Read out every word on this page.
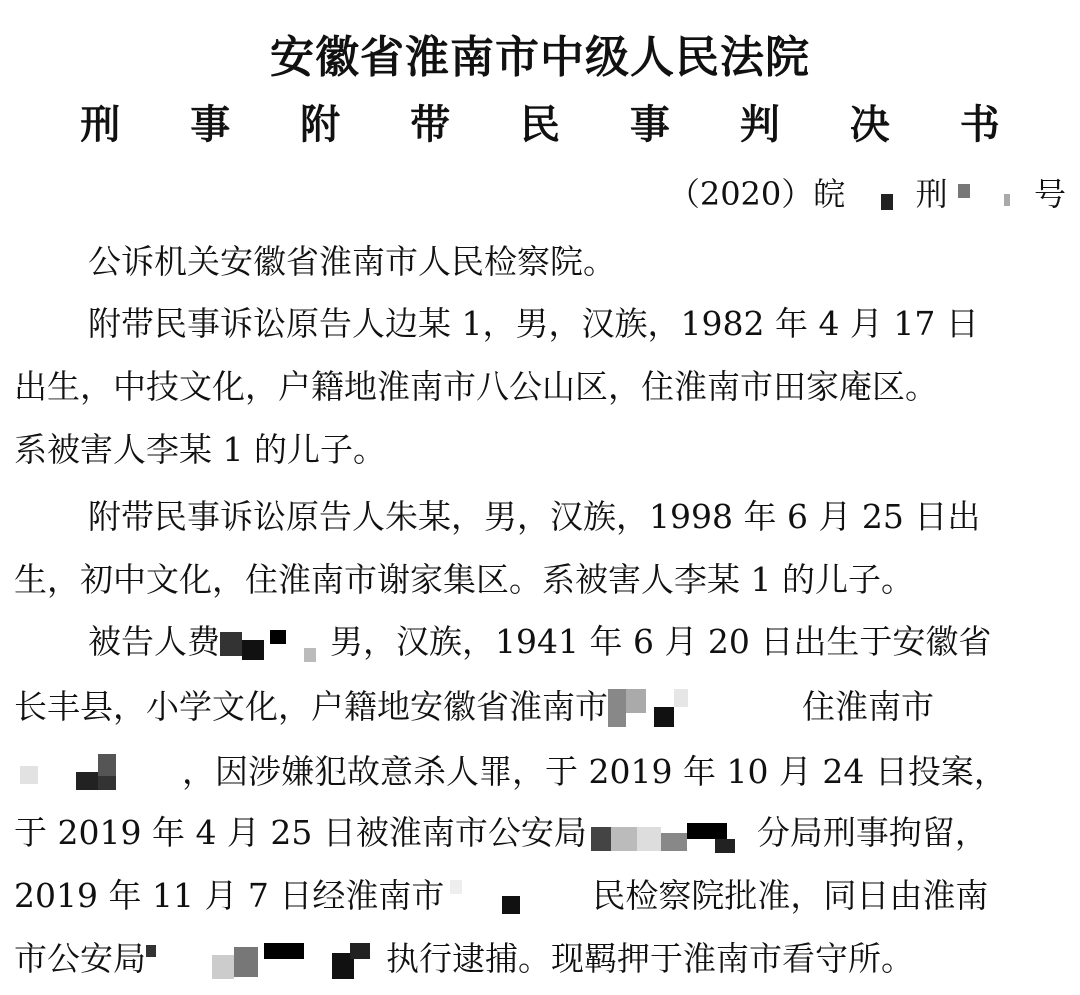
安徽省淮南市中级人民法院
刑 事 附 带 民 事 判 决 书
（2020）皖 刑	号
公诉机关安徽省淮南市人民检察院。
附带民事诉讼原告人边某 1，男，汉族，1982 年 4 月 17 日
出生，中技文化，户籍地淮南市八公山区，住淮南市田家庵区。
系被害人李某 1 的儿子。
附带民事诉讼原告人朱某，男，汉族，1998 年 6 月 25 日出
生，初中文化，住淮南市谢家集区。系被害人李某 1 的儿子。
被告人费	男，汉族，1941 年 6 月 20 日出生于安徽省
长丰县，小学文化，户籍地安徽省淮南市	住淮南市
，因涉嫌犯故意杀人罪，于 2019 年 10 月 24 日投案，
于 2019 年 4 月 25 日被淮南市公安局	分局刑事拘留，
2019 年 11 月 7 日经淮南市	民检察院批准，同日由淮南
市公安局	执行逮捕。现羁押于淮南市看守所。
